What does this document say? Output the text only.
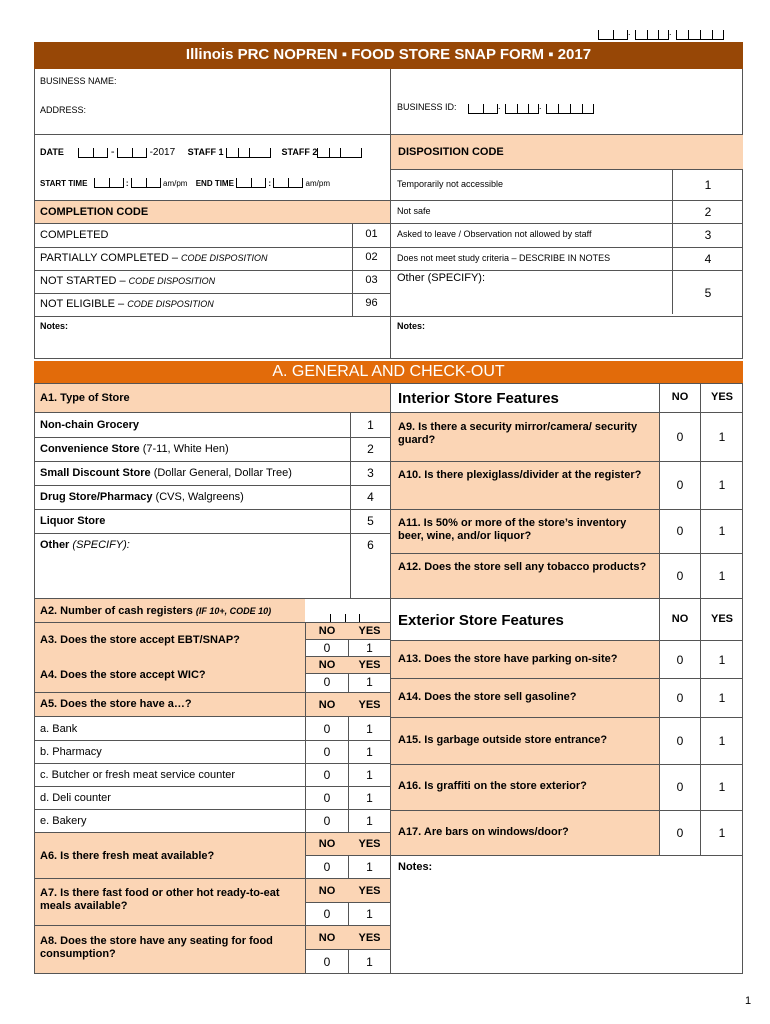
.	.
Illinois PRC NOPREN ▪ FOOD STORE SNAP FORM ▪ 2017
BUSINESS NAME:
ADDRESS:	BUSINESS ID:	.	.
DATE	-	-2017 STAFF 1	STAFF 2
START TIME	:	am/pm END TIME	:	am/pm
DISPOSITION CODE
Temporarily not accessible	1
Not safe	2
Asked to leave / Observation not allowed by staff	3
Does not meet study criteria – DESCRIBE IN NOTES	4
Other (SPECIFY):
5
COMPLETION CODE
COMPLETED	01
PARTIALLY COMPLETED – CODE DISPOSITION	02
NOT STARTED – CODE DISPOSITION	03
NOT ELIGIBLE – CODE DISPOSITION	96
Notes:	Notes:
A. GENERAL AND CHECK-OUT
A1. Type of Store
Non-chain Grocery	1
Convenience Store (7-11, White Hen)	2
Small Discount Store (Dollar General, Dollar Tree)	3
Drug Store/Pharmacy (CVS, Walgreens)	4
Liquor Store	5
Other (SPECIFY):	6
A2. Number of cash registers (IF 10+, CODE 10)
A3. Does the store accept EBT/SNAP?
NO	YES
0	1
A4. Does the store accept WIC?
NO	YES
0	1
A5. Does the store have a…?	NO	YES
a. Bank	0	1
b. Pharmacy	0	1
c. Butcher or fresh meat service counter	0	1
d. Deli counter	0	1
e. Bakery	0	1
A6. Is there fresh meat available?
NO	YES
0	1
A7. Is there fast food or other hot ready-to-eat meals available?
NO	YES
0	1
A8. Does the store have any seating for food consumption?
NO	YES
0	1
Interior Store Features	NO	YES
A9. Is there a security mirror/camera/ security guard?	0	1
A10. Is there plexiglass/divider at the register?
0	1
A11. Is 50% or more of the store’s inventory beer, wine, and/or liquor?	0	1
A12. Does the store sell any tobacco products?
0	1
Exterior Store Features	NO	YES
A13. Does the store have parking on-site?	0	1
A14. Does the store sell gasoline?	0	1
A15. Is garbage outside store entrance?	0	1
A16. Is graffiti on the store exterior?	0	1
A17. Are bars on windows/door?	0	1
Notes:
1
